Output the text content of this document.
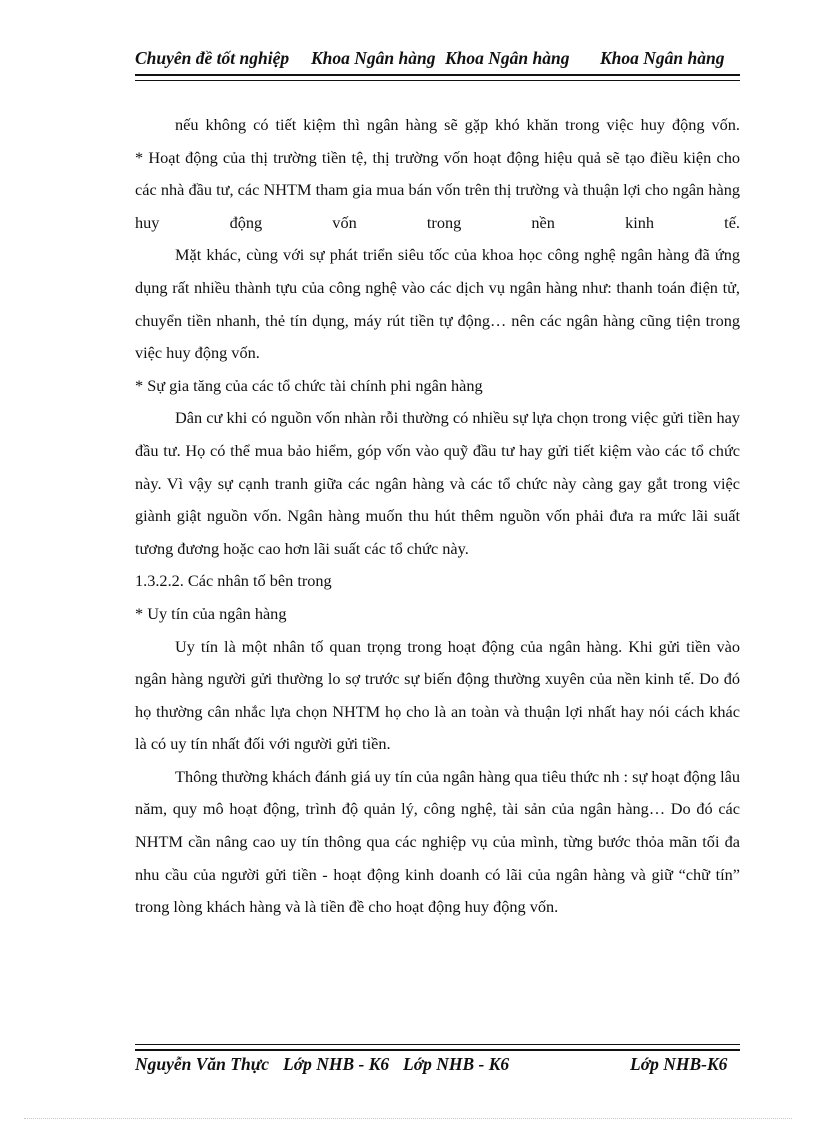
Chuyên đề tốt nghiệp Khoa Ngân hàng Khoa Ngân hàng Khoa Ngân hàng

nếu không có tiết kiệm thì ngân hàng sẽ gặp khó khăn trong việc huy động vốn.

* Hoạt động của thị trường tiền tệ, thị trường vốn hoạt động hiệu quả sẽ tạo điều kiện cho các nhà đầu tư, các NHTM tham gia mua bán vốn trên thị trường và thuận lợi cho ngân hàng huy động vốn trong nền kinh tế.

Mặt khác, cùng với sự phát triển siêu tốc của khoa học công nghệ ngân hàng đã ứng dụng rất nhiều thành tựu của công nghệ vào các dịch vụ ngân hàng như: thanh toán điện tử, chuyển tiền nhanh, thẻ tín dụng, máy rút tiền tự động… nên các ngân hàng cũng tiện trong việc huy động vốn.

* Sự gia tăng của các tổ chức tài chính phi ngân hàng

Dân cư khi có nguồn vốn nhàn rỗi thường có nhiều sự lựa chọn trong việc gửi tiền hay đầu tư. Họ có thể mua bảo hiểm, góp vốn vào quỹ đầu tư hay gửi tiết kiệm vào các tổ chức này. Vì vậy sự cạnh tranh giữa các ngân hàng và các tổ chức này càng gay gắt trong việc giành giật nguồn vốn. Ngân hàng muốn thu hút thêm nguồn vốn phải đưa ra mức lãi suất tương đương hoặc cao hơn lãi suất các tổ chức này.

1.3.2.2. Các nhân tố bên trong

* Uy tín của ngân hàng

Uy tín là một nhân tố quan trọng trong hoạt động của ngân hàng. Khi gửi tiền vào ngân hàng người gửi thường lo sợ trước sự biến động thường xuyên của nền kinh tế. Do đó họ thường cân nhắc lựa chọn NHTM họ cho là an toàn và thuận lợi nhất hay nói cách khác là có uy tín nhất đối với người gửi tiền.

Thông thường khách đánh giá uy tín của ngân hàng qua tiêu thức nh : sự hoạt động lâu năm, quy mô hoạt động, trình độ quản lý, công nghệ, tài sản của ngân hàng… Do đó các NHTM cần nâng cao uy tín thông qua các nghiệp vụ của mình, từng bước thỏa mãn tối đa nhu cầu của người gửi tiền - hoạt động kinh doanh có lãi của ngân hàng và giữ “chữ tín” trong lòng khách hàng và là tiền đề cho hoạt động huy động vốn.

Nguyễn Văn Thực Lớp NHB - K6 Lớp NHB - K6	Lớp NHB-K6
